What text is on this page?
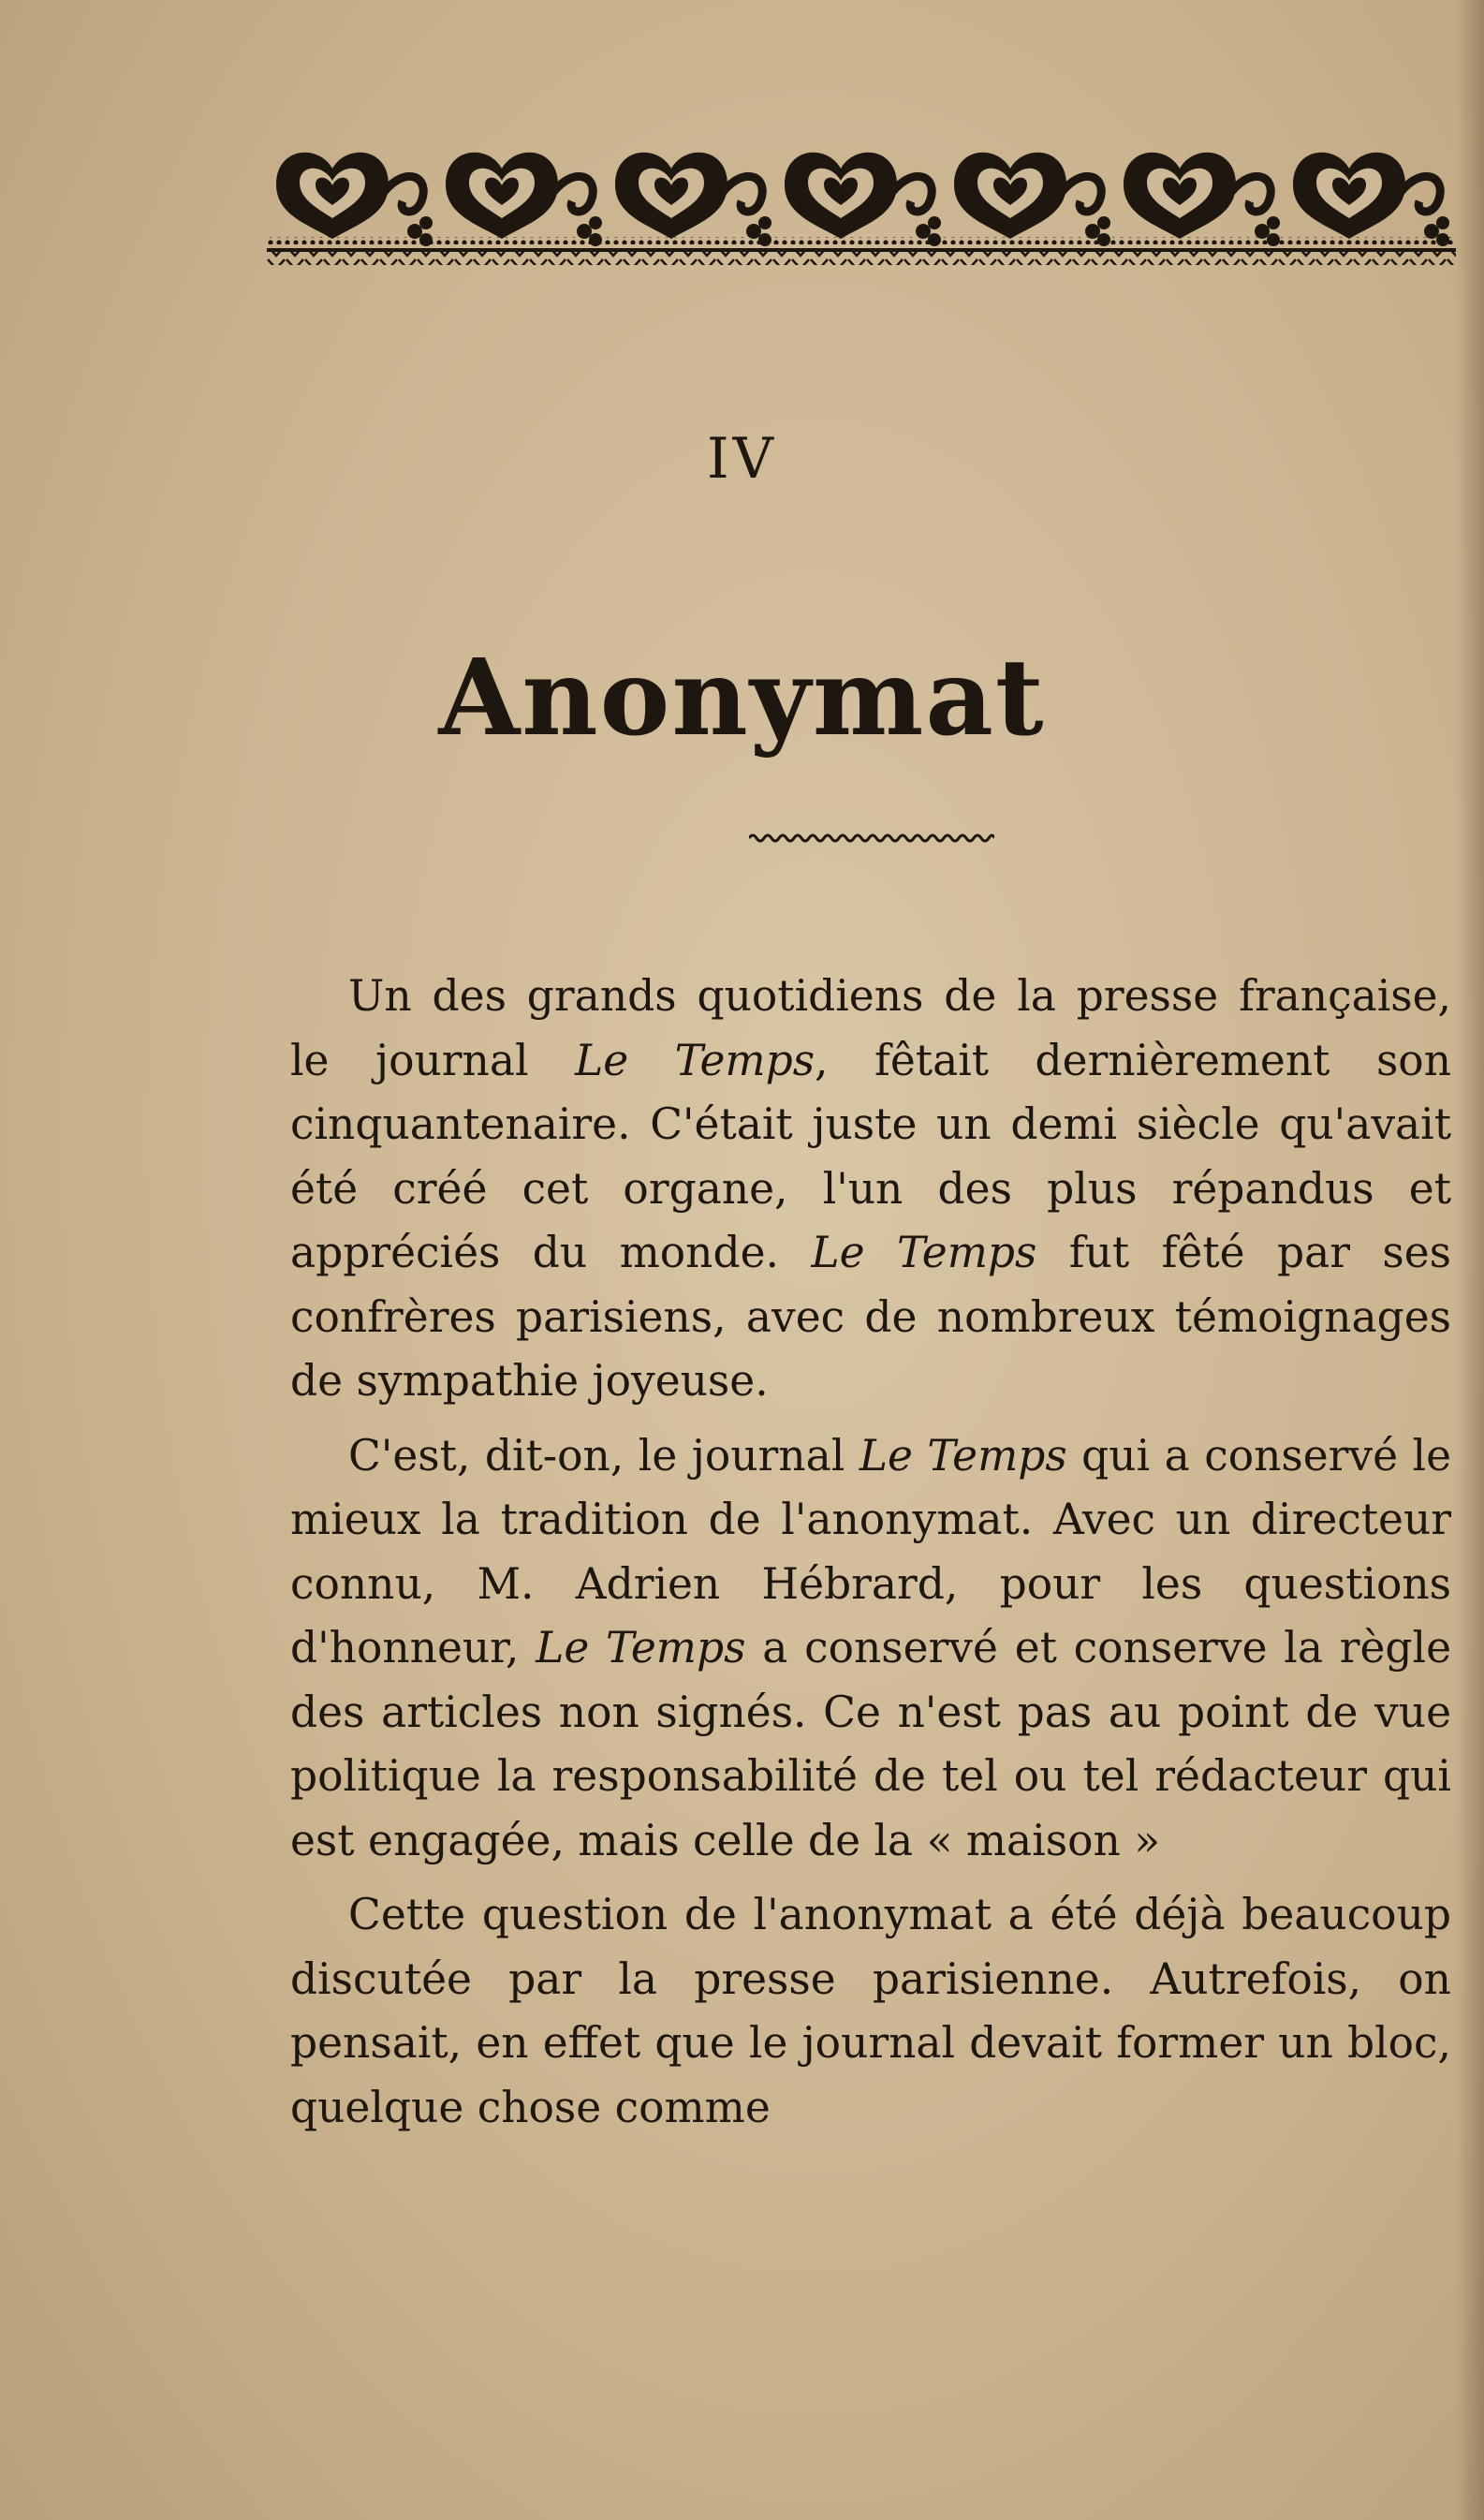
IV
Anonymat

Un des grands quotidiens de la presse française, le journal Le Temps, fêtait dernièrement son cinquantenaire. C'était juste un demi siècle qu'avait été créé cet organe, l'un des plus répandus et appréciés du monde. Le Temps fut fêté par ses confrères parisiens, avec de nombreux témoignages de sympathie joyeuse.

C'est, dit-on, le journal Le Temps qui a conservé le mieux la tradition de l'anonymat. Avec un directeur connu, M. Adrien Hébrard, pour les questions d'honneur, Le Temps a conservé et conserve la règle des articles non signés. Ce n'est pas au point de vue politique la responsabilité de tel ou tel rédacteur qui est engagée, mais celle de la « maison »

Cette question de l'anonymat a été déjà beaucoup discutée par la presse parisienne. Autrefois, on pensait, en effet que le journal devait former un bloc, quelque chose comme
